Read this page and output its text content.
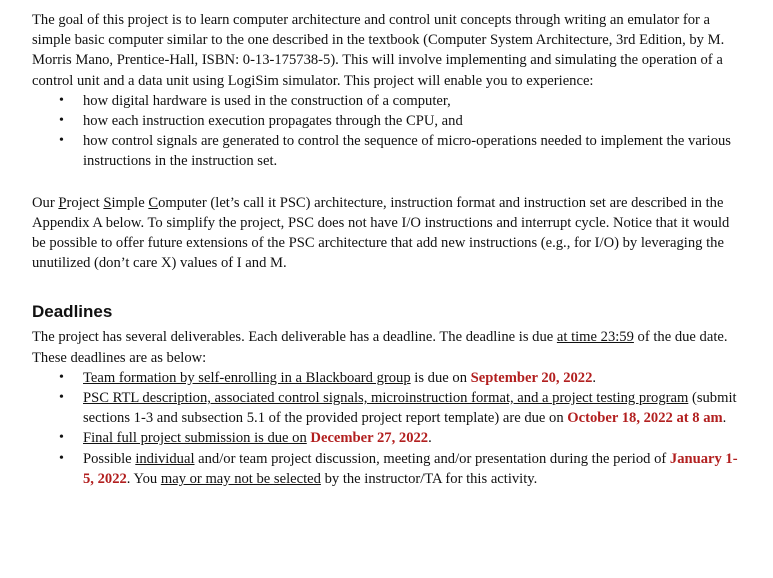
The goal of this project is to learn computer architecture and control unit concepts through writing an emulator for a simple basic computer similar to the one described in the textbook (Computer System Architecture, 3rd Edition, by M. Morris Mano, Prentice-Hall, ISBN: 0-13-175738-5). This will involve implementing and simulating the operation of a control unit and a data unit using LogiSim simulator. This project will enable you to experience:

• how digital hardware is used in the construction of a computer,
• how each instruction execution propagates through the CPU, and
• how control signals are generated to control the sequence of micro-operations needed to implement the various instructions in the instruction set.

Our Project Simple Computer (let’s call it PSC) architecture, instruction format and instruction set are described in the Appendix A below. To simplify the project, PSC does not have I/O instructions and interrupt cycle. Notice that it would be possible to offer future extensions of the PSC architecture that add new instructions (e.g., for I/O) by leveraging the unutilized (don’t care X) values of I and M.

Deadlines

The project has several deliverables. Each deliverable has a deadline. The deadline is due at time 23:59 of the due date. These deadlines are as below:

• Team formation by self-enrolling in a Blackboard group is due on September 20, 2022.
• PSC RTL description, associated control signals, microinstruction format, and a project testing program (submit sections 1-3 and subsection 5.1 of the provided project report template) are due on October 18, 2022 at 8 am.
• Final full project submission is due on December 27, 2022.
• Possible individual and/or team project discussion, meeting and/or presentation during the period of January 1-5, 2022. You may or may not be selected by the instructor/TA for this activity.
